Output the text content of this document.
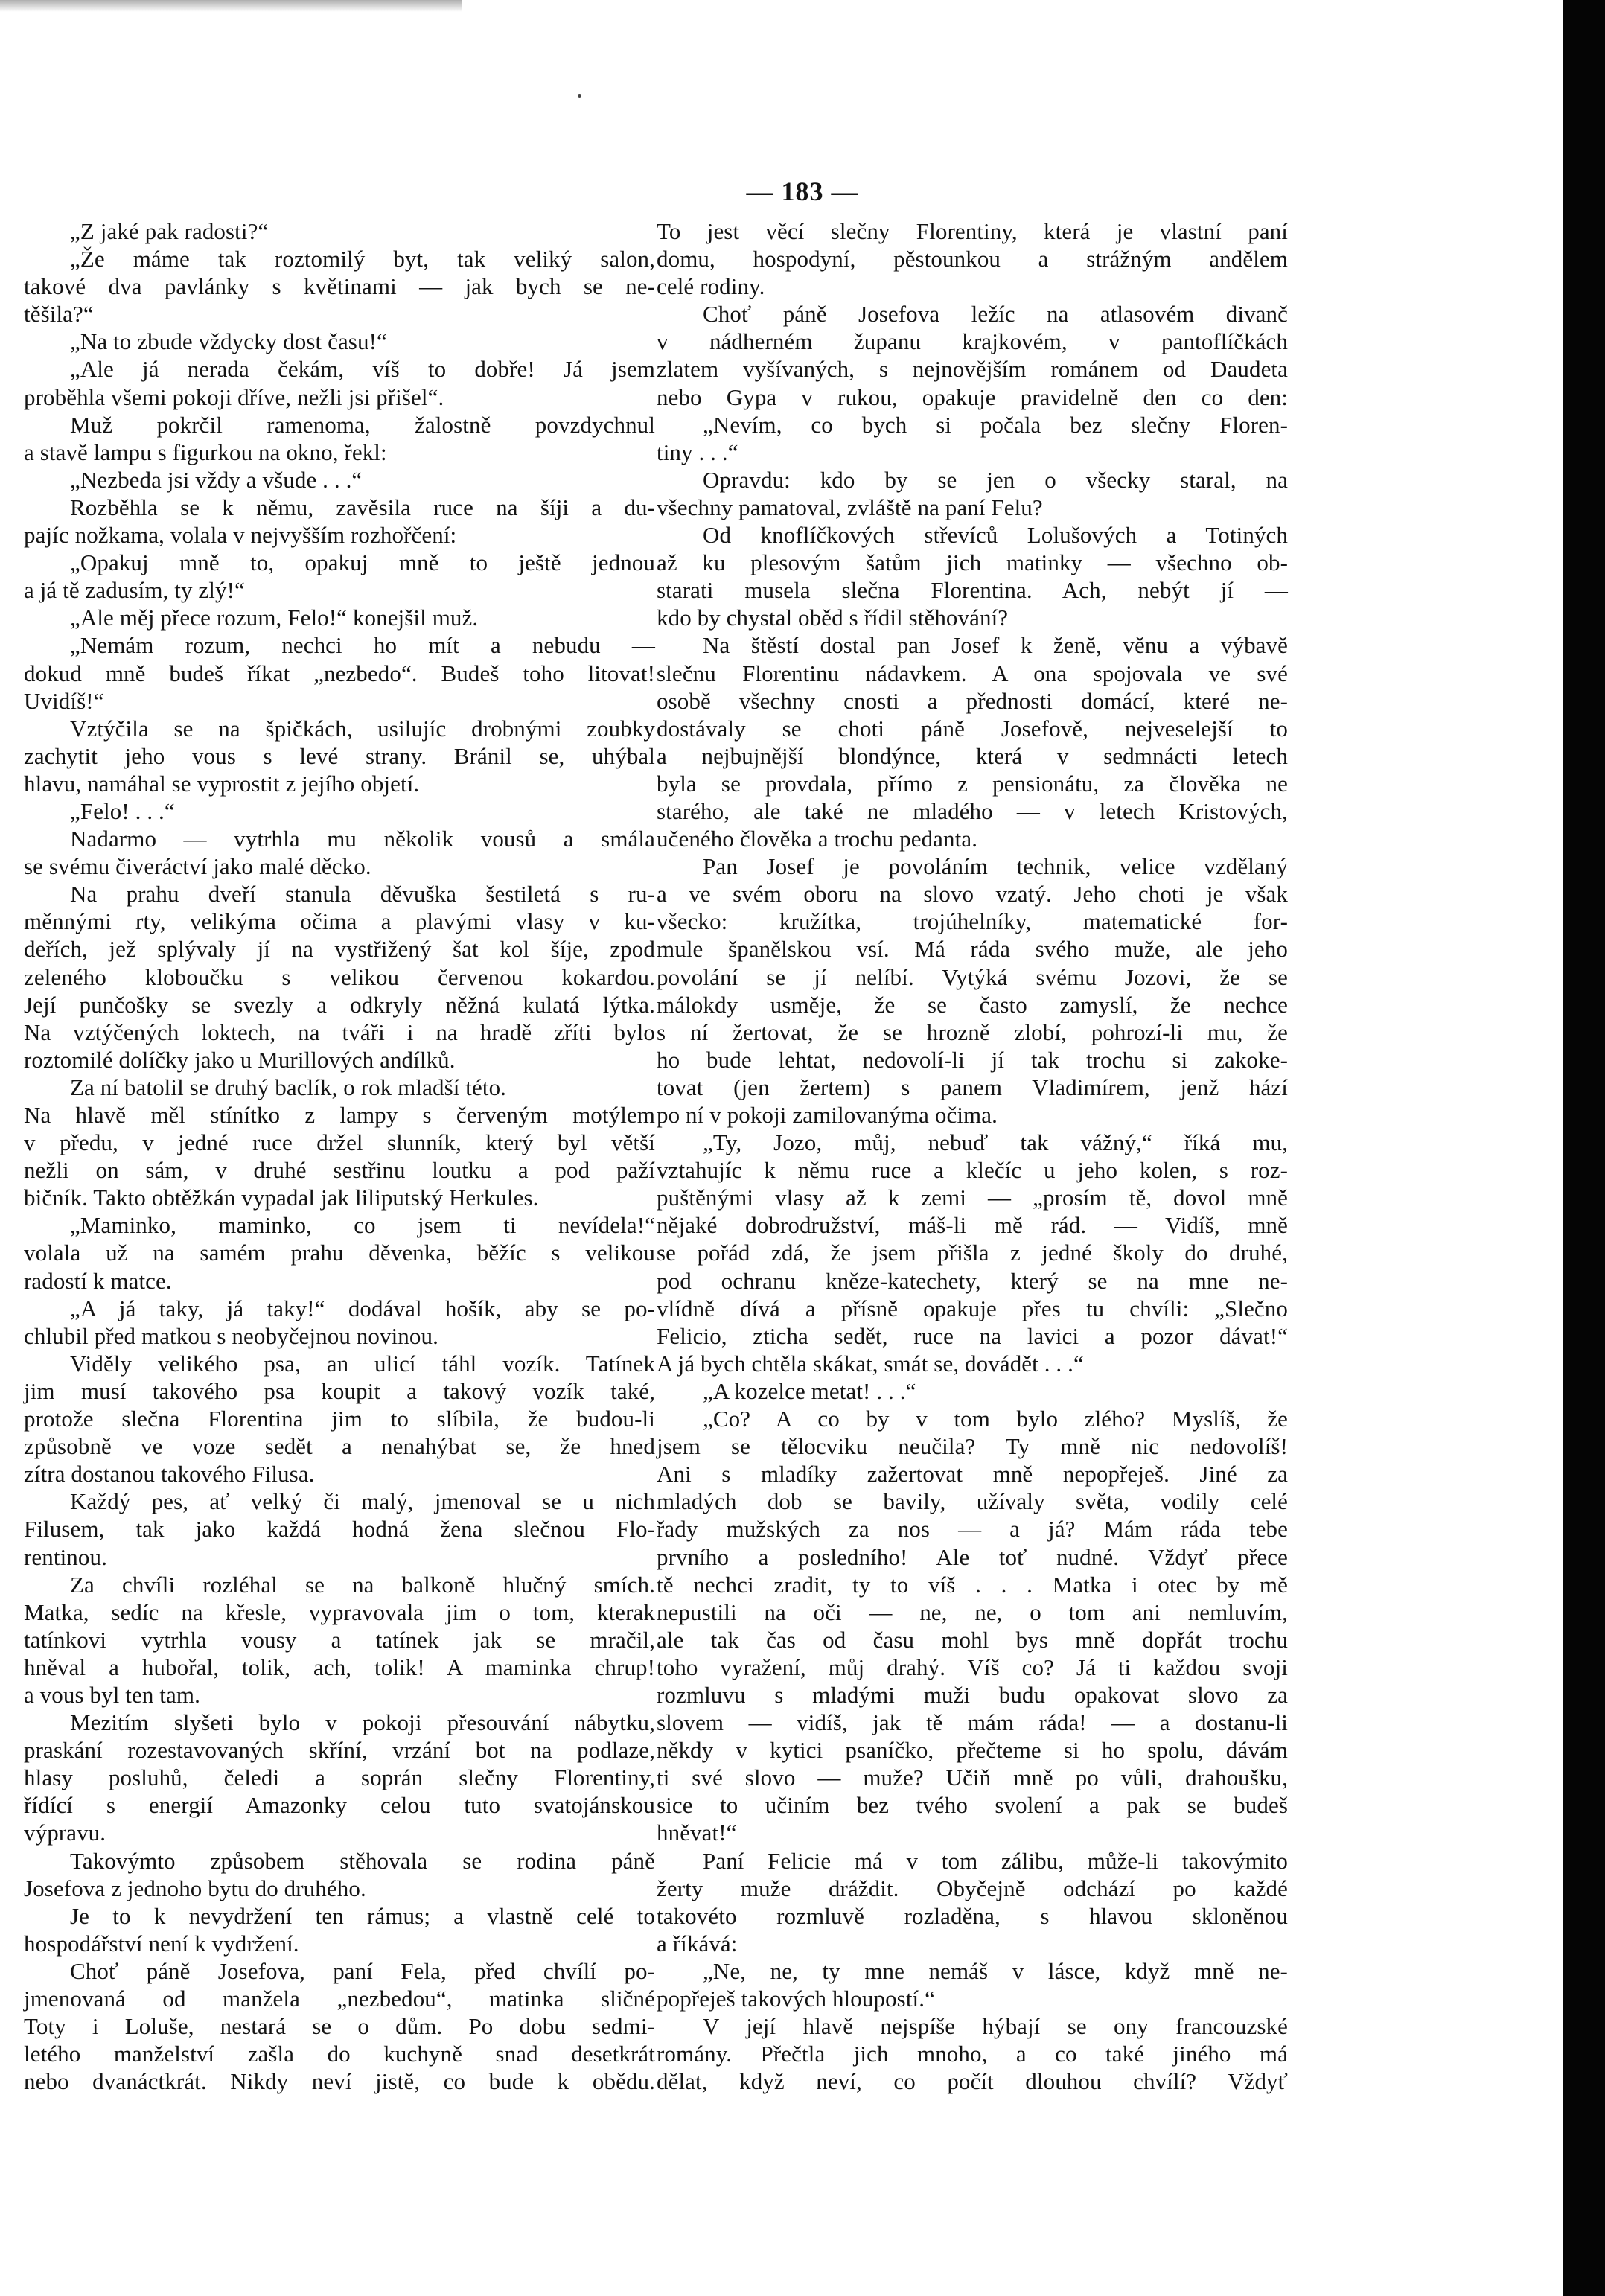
— 183 —
„Z jaké pak radosti?“
„Že máme tak roztomilý byt, tak veliký salon,
takové dva pavlánky s květinami — jak bych se ne-
těšila?“
„Na to zbude vždycky dost času!“
„Ale já nerada čekám, víš to dobře! Já jsem
proběhla všemi pokoji dříve, nežli jsi přišel“.
Muž pokrčil ramenoma, žalostně povzdychnul
a stavě lampu s figurkou na okno, řekl:
„Nezbeda jsi vždy a všude . . .“
Rozběhla se k němu, zavěsila ruce na šíji a du-
pajíc nožkama, volala v nejvyšším rozhořčení:
„Opakuj mně to, opakuj mně to ještě jednou
a já tě zadusím, ty zlý!“
„Ale měj přece rozum, Felo!“ konejšil muž.
„Nemám rozum, nechci ho mít a nebudu —
dokud mně budeš říkat „nezbedo“. Budeš toho litovat!
Uvidíš!“
Vztýčila se na špičkách, usilujíc drobnými zoubky
zachytit jeho vous s levé strany. Bránil se, uhýbal
hlavu, namáhal se vyprostit z jejího objetí.
„Felo! . . .“
Nadarmo — vytrhla mu několik vousů a smála
se svému čiveráctví jako malé děcko.
Na prahu dveří stanula děvuška šestiletá s ru-
měnnými rty, velikýma očima a plavými vlasy v ku-
deřích, jež splývaly jí na vystřižený šat kol šíje, zpod
zeleného kloboučku s velikou červenou kokardou.
Její punčošky se svezly a odkryly něžná kulatá lýtka.
Na vztýčených loktech, na tváři i na hradě zříti bylo
roztomilé dolíčky jako u Murillových andílků.
Za ní batolil se druhý baclík, o rok mladší této.
Na hlavě měl stínítko z lampy s červeným motýlem
v předu, v jedné ruce držel slunník, který byl větší
nežli on sám, v druhé sestřinu loutku a pod paží
bičník. Takto obtěžkán vypadal jak liliputský Herkules.
„Maminko, maminko, co jsem ti nevídela!“
volala už na samém prahu děvenka, běžíc s velikou
radostí k matce.
„A já taky, já taky!“ dodával hošík, aby se po-
chlubil před matkou s neobyčejnou novinou.
Viděly velikého psa, an ulicí táhl vozík. Tatínek
jim musí takového psa koupit a takový vozík také,
protože slečna Florentina jim to slíbila, že budou-li
způsobně ve voze sedět a nenahýbat se, že hned
zítra dostanou takového Filusa.
Každý pes, ať velký či malý, jmenoval se u nich
Filusem, tak jako každá hodná žena slečnou Flo-
rentinou.
Za chvíli rozléhal se na balkoně hlučný smích.
Matka, sedíc na křesle, vypravovala jim o tom, kterak
tatínkovi vytrhla vousy a tatínek jak se mračil,
hněval a hubořal, tolik, ach, tolik! A maminka chrup!
a vous byl ten tam.
Mezitím slyšeti bylo v pokoji přesouvání nábytku,
praskání rozestavovaných skříní, vrzání bot na podlaze,
hlasy posluhů, čeledi a soprán slečny Florentiny,
řídící s energií Amazonky celou tuto svatojánskou
výpravu.
Takovýmto způsobem stěhovala se rodina páně
Josefova z jednoho bytu do druhého.
Je to k nevydržení ten rámus; a vlastně celé to
hospodářství není k vydržení.
Choť páně Josefova, paní Fela, před chvílí po-
jmenovaná od manžela „nezbedou“, matinka sličné
Toty i Loluše, nestará se o dům. Po dobu sedmi-
letého manželství zašla do kuchyně snad desetkrát
nebo dvanáctkrát. Nikdy neví jistě, co bude k obědu.
To jest věcí slečny Florentiny, která je vlastní paní
domu, hospodyní, pěstounkou a strážným andělem
celé rodiny.
Choť páně Josefova ležíc na atlasovém divanč
v nádherném županu krajkovém, v pantoflíčkách
zlatem vyšívaných, s nejnovějším románem od Daudeta
nebo Gypa v rukou, opakuje pravidelně den co den:
„Nevím, co bych si počala bez slečny Floren-
tiny . . .“
Opravdu: kdo by se jen o všecky staral, na
všechny pamatoval, zvláště na paní Felu?
Od knoflíčkových střevíců Lolušových a Totiných
až ku plesovým šatům jich matinky — všechno ob-
starati musela slečna Florentina. Ach, nebýt jí —
kdo by chystal oběd s řídil stěhování?
Na štěstí dostal pan Josef k ženě, věnu a výbavě
slečnu Florentinu nádavkem. A ona spojovala ve své
osobě všechny cnosti a přednosti domácí, které ne-
dostávaly se choti páně Josefově, nejveselejší to
a nejbujnější blondýnce, která v sedmnácti letech
byla se provdala, přímo z pensionátu, za člověka ne
starého, ale také ne mladého — v letech Kristových,
učeného člověka a trochu pedanta.
Pan Josef je povoláním technik, velice vzdělaný
a ve svém oboru na slovo vzatý. Jeho choti je však
všecko: kružítka, trojúhelníky, matematické for-
mule španělskou vsí. Má ráda svého muže, ale jeho
povolání se jí nelíbí. Vytýká svému Jozovi, že se
málokdy usměje, že se často zamyslí, že nechce
s ní žertovat, že se hrozně zlobí, pohrozí-li mu, že
ho bude lehtat, nedovolí-li jí tak trochu si zakoke-
tovat (jen žertem) s panem Vladimírem, jenž hází
po ní v pokoji zamilovanýma očima.
„Ty, Jozo, můj, nebuď tak vážný,“ říká mu,
vztahujíc k němu ruce a klečíc u jeho kolen, s roz-
puštěnými vlasy až k zemi — „prosím tě, dovol mně
nějaké dobrodružství, máš-li mě rád. — Vidíš, mně
se pořád zdá, že jsem přišla z jedné školy do druhé,
pod ochranu kněze-katechety, který se na mne ne-
vlídně dívá a přísně opakuje přes tu chvíli: „Slečno
Felicio, zticha sedět, ruce na lavici a pozor dávat!“
A já bych chtěla skákat, smát se, dovádět . . .“
„A kozelce metat! . . .“
„Co? A co by v tom bylo zlého? Myslíš, že
jsem se tělocviku neučila? Ty mně nic nedovolíš!
Ani s mladíky zažertovat mně nepopřeješ. Jiné za
mladých dob se bavily, užívaly světa, vodily celé
řady mužských za nos — a já? Mám ráda tebe
prvního a posledního! Ale toť nudné. Vždyť přece
tě nechci zradit, ty to víš . . . Matka i otec by mě
nepustili na oči — ne, ne, o tom ani nemluvím,
ale tak čas od času mohl bys mně dopřát trochu
toho vyražení, můj drahý. Víš co? Já ti každou svoji
rozmluvu s mladými muži budu opakovat slovo za
slovem — vidíš, jak tě mám ráda! — a dostanu-li
někdy v kytici psaníčko, přečteme si ho spolu, dávám
ti své slovo — muže? Učiň mně po vůli, drahoušku,
sice to učiním bez tvého svolení a pak se budeš
hněvat!“
Paní Felicie má v tom zálibu, může-li takovýmito
žerty muže dráždit. Obyčejně odchází po každé
takovéto rozmluvě rozladěna, s hlavou skloněnou
a říkává:
„Ne, ne, ty mne nemáš v lásce, když mně ne-
popřeješ takových hloupostí.“
V její hlavě nejspíše hýbají se ony francouzské
romány. Přečtla jich mnoho, a co také jiného má
dělat, když neví, co počít dlouhou chvílí? Vždyť
